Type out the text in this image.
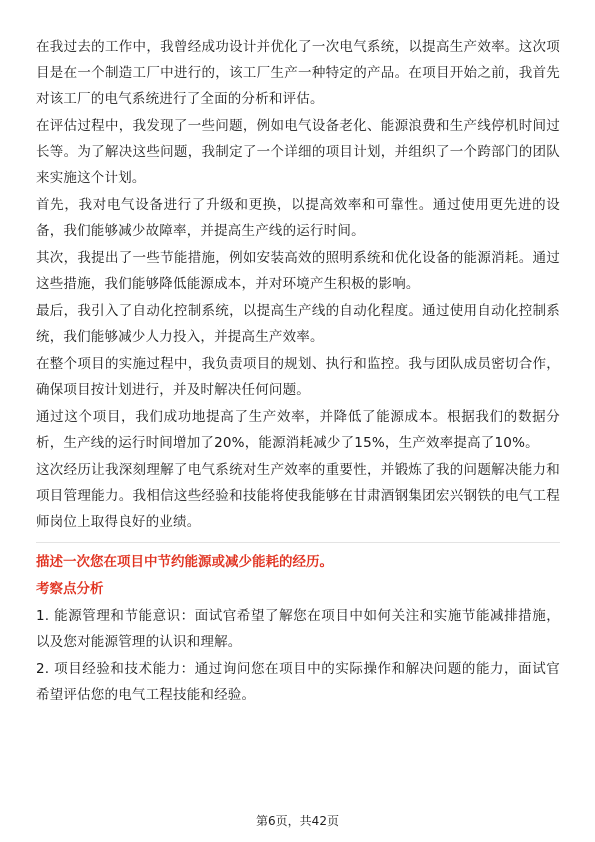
在我过去的工作中，我曾经成功设计并优化了一次电气系统，以提高生产效率。这次项目是在一个制造工厂中进行的，该工厂生产一种特定的产品。在项目开始之前，我首先对该工厂的电气系统进行了全面的分析和评估。

在评估过程中，我发现了一些问题，例如电气设备老化、能源浪费和生产线停机时间过长等。为了解决这些问题，我制定了一个详细的项目计划，并组织了一个跨部门的团队来实施这个计划。

首先，我对电气设备进行了升级和更换，以提高效率和可靠性。通过使用更先进的设备，我们能够减少故障率，并提高生产线的运行时间。

其次，我提出了一些节能措施，例如安装高效的照明系统和优化设备的能源消耗。通过这些措施，我们能够降低能源成本，并对环境产生积极的影响。

最后，我引入了自动化控制系统，以提高生产线的自动化程度。通过使用自动化控制系统，我们能够减少人力投入，并提高生产效率。

在整个项目的实施过程中，我负责项目的规划、执行和监控。我与团队成员密切合作，确保项目按计划进行，并及时解决任何问题。

通过这个项目，我们成功地提高了生产效率，并降低了能源成本。根据我们的数据分析，生产线的运行时间增加了20%，能源消耗减少了15%，生产效率提高了10%。

这次经历让我深刻理解了电气系统对生产效率的重要性，并锻炼了我的问题解决能力和项目管理能力。我相信这些经验和技能将使我能够在甘肃酒钢集团宏兴钢铁的电气工程师岗位上取得良好的业绩。

描述一次您在项目中节约能源或减少能耗的经历。

考察点分析

1. 能源管理和节能意识：面试官希望了解您在项目中如何关注和实施节能减排措施，以及您对能源管理的认识和理解。

2. 项目经验和技术能力：通过询问您在项目中的实际操作和解决问题的能力，面试官希望评估您的电气工程技能和经验。

第6页，共42页
